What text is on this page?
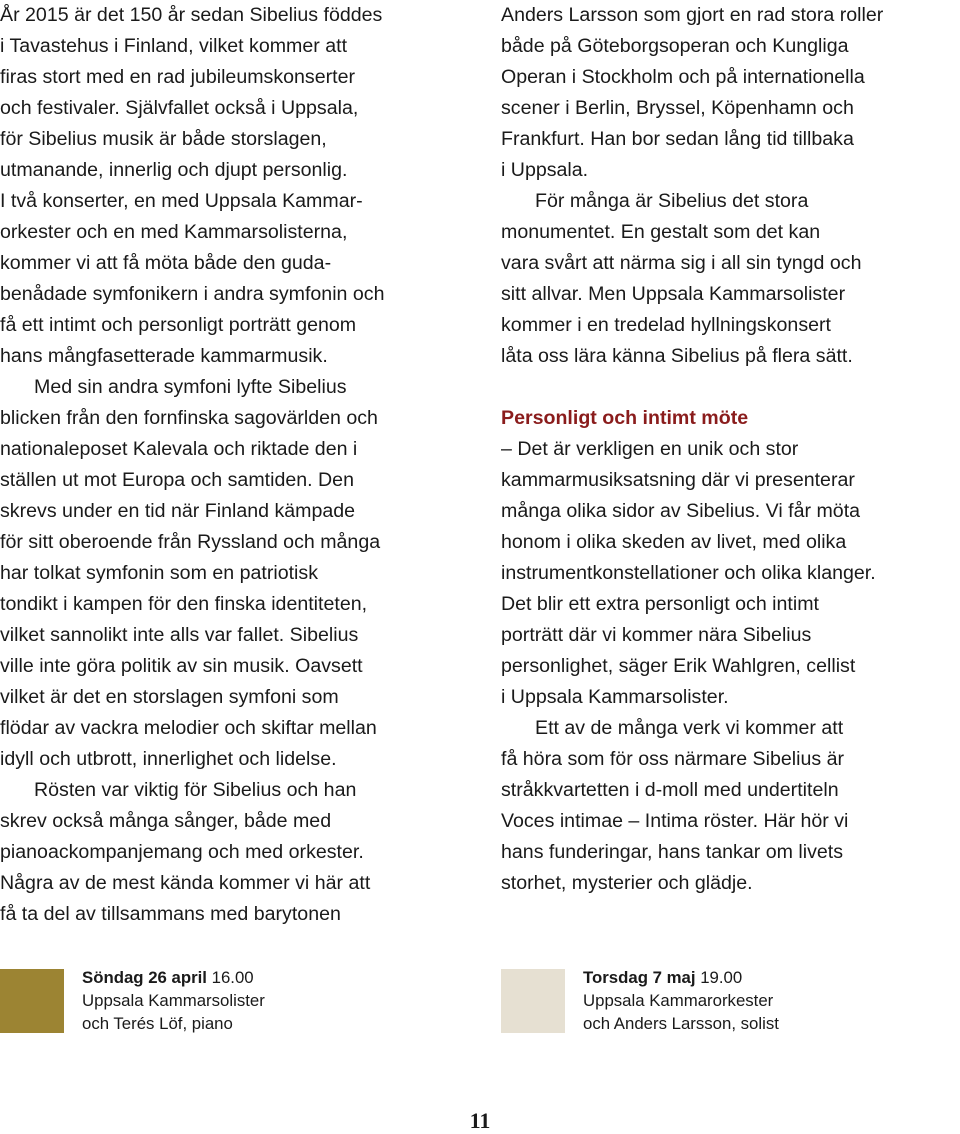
År 2015 är det 150 år sedan Sibelius föddes
i Tavastehus i Finland, vilket kommer att
firas stort med en rad jubileumskonserter
och festivaler. Självfallet också i Uppsala,
för Sibelius musik är både storslagen,
utmanande, innerlig och djupt personlig.
I två konserter, en med Uppsala Kammar-
orkester och en med Kammarsolisterna,
kommer vi att få möta både den guda-
benådade symfonikern i andra symfonin och
få ett intimt och personligt porträtt genom
hans mångfasetterade kammarmusik.
Med sin andra symfoni lyfte Sibelius
blicken från den fornfinska sagovärlden och
nationaleposet Kalevala och riktade den i
ställen ut mot Europa och samtiden. Den
skrevs under en tid när Finland kämpade
för sitt oberoende från Ryssland och många
har tolkat symfonin som en patriotisk
tondikt i kampen för den finska identiteten,
vilket sannolikt inte alls var fallet. Sibelius
ville inte göra politik av sin musik. Oavsett
vilket är det en storslagen symfoni som
flödar av vackra melodier och skiftar mellan
idyll och utbrott, innerlighet och lidelse.
Rösten var viktig för Sibelius och han
skrev också många sånger, både med
pianoackompanjemang och med orkester.
Några av de mest kända kommer vi här att
få ta del av tillsammans med barytonen
Anders Larsson som gjort en rad stora roller
både på Göteborgsoperan och Kungliga
Operan i Stockholm och på internationella
scener i Berlin, Bryssel, Köpenhamn och
Frankfurt. Han bor sedan lång tid tillbaka
i Uppsala.
För många är Sibelius det stora
monumentet. En gestalt som det kan
vara svårt att närma sig i all sin tyngd och
sitt allvar. Men Uppsala Kammarsolister
kommer i en tredelad hyllningskonsert
låta oss lära känna Sibelius på flera sätt.
Personligt och intimt möte
– Det är verkligen en unik och stor
kammarmusiksatsning där vi presenterar
många olika sidor av Sibelius. Vi får möta
honom i olika skeden av livet, med olika
instrumentkonstellationer och olika klanger.
Det blir ett extra personligt och intimt
porträtt där vi kommer nära Sibelius
personlighet, säger Erik Wahlgren, cellist
i Uppsala Kammarsolister.
Ett av de många verk vi kommer att
få höra som för oss närmare Sibelius är
stråkkvartetten i d-moll med undertiteln
Voces intimae – Intima röster. Här hör vi
hans funderingar, hans tankar om livets
storhet, mysterier och glädje.
Söndag 26 april 16.00
Uppsala Kammarsolister
och Terés Löf, piano
Torsdag 7 maj 19.00
Uppsala Kammarorkester
och Anders Larsson, solist
11
